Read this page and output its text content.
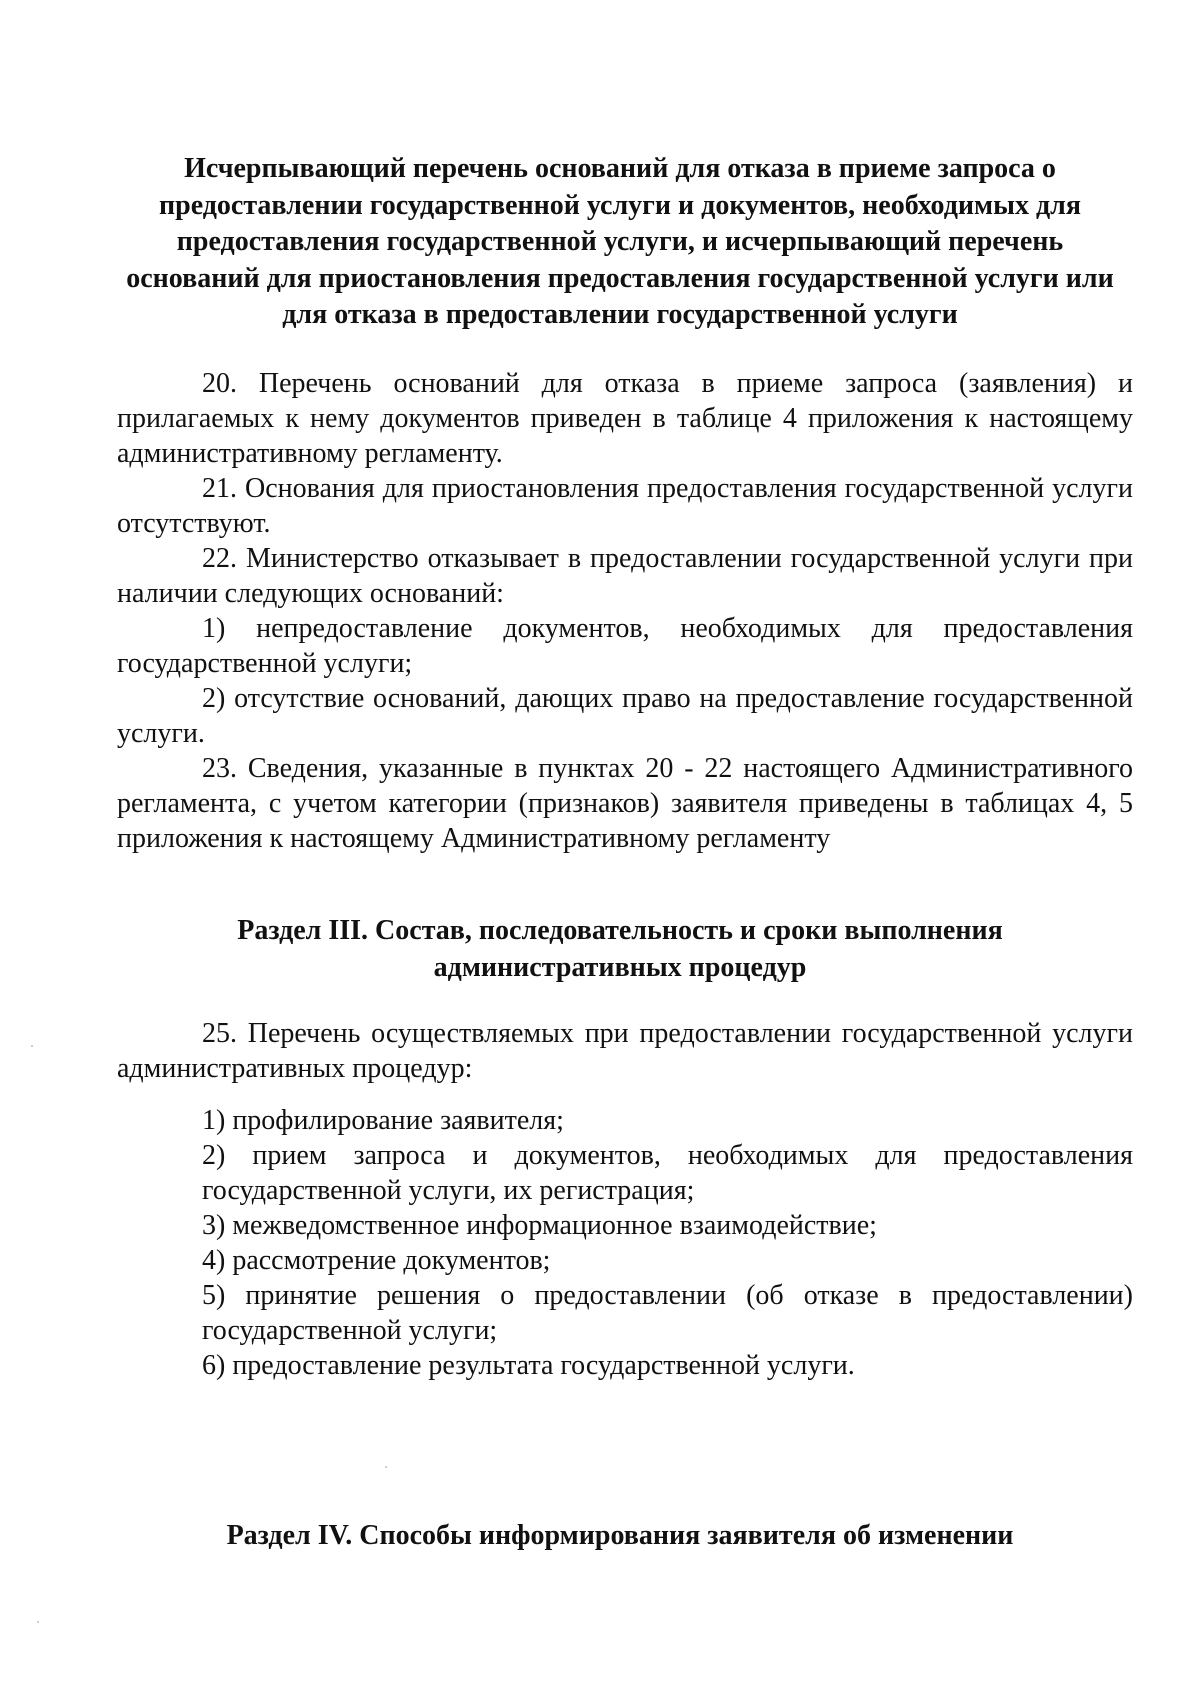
Исчерпывающий перечень оснований для отказа в приеме запроса о

предоставлении государственной услуги и документов, необходимых для

предоставления государственной услуги, и исчерпывающий перечень

оснований для приостановления предоставления государственной услуги или

для отказа в предоставлении государственной услуги

20. Перечень оснований для отказа в приеме запроса (заявления) и прилагаемых к нему документов приведен в таблице 4 приложения к настоящему административному регламенту.

21. Основания для приостановления предоставления государственной услуги отсутствуют.

22. Министерство отказывает в предоставлении государственной услуги при наличии следующих оснований:

1) непредоставление документов, необходимых для предоставления государственной услуги;

2) отсутствие оснований, дающих право на предоставление государственной услуги.

23. Сведения, указанные в пунктах 20 - 22 настоящего Административного регламента, с учетом категории (признаков) заявителя приведены в таблицах 4, 5 приложения к настоящему Административному регламенту

Раздел III. Состав, последовательность и сроки выполнения

административных процедур

25. Перечень осуществляемых при предоставлении государственной услуги административных процедур:

1) профилирование заявителя;

2) прием запроса и документов, необходимых для предоставления государственной услуги, их регистрация;

3) межведомственное информационное взаимодействие;

4) рассмотрение документов;

5) принятие решения о предоставлении (об отказе в предоставлении) государственной услуги;

6) предоставление результата государственной услуги.

Раздел IV. Способы информирования заявителя об изменении
